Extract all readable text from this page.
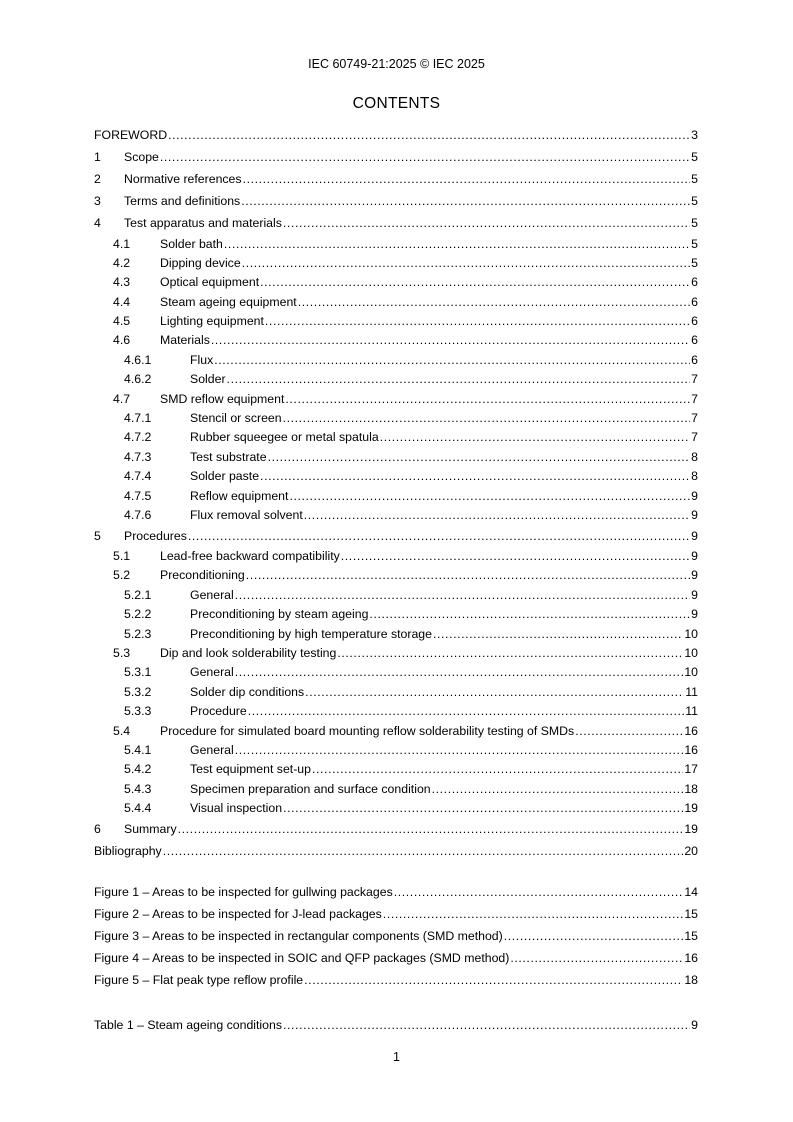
IEC 60749-21:2025 © IEC 2025
CONTENTS
FOREWORD .....	3
1	Scope .....	5
2	Normative references .....	5
3	Terms and definitions .....	5
4	Test apparatus and materials .....	5
4.1	Solder bath .....	5
4.2	Dipping device .....	5
4.3	Optical equipment .....	6
4.4	Steam ageing equipment .....	6
4.5	Lighting equipment .....	6
4.6	Materials .....	6
4.6.1	Flux .....	6
4.6.2	Solder .....	7
4.7	SMD reflow equipment .....	7
4.7.1	Stencil or screen .....	7
4.7.2	Rubber squeegee or metal spatula .....	7
4.7.3	Test substrate .....	8
4.7.4	Solder paste .....	8
4.7.5	Reflow equipment .....	9
4.7.6	Flux removal solvent .....	9
5	Procedures .....	9
5.1	Lead-free backward compatibility .....	9
5.2	Preconditioning .....	9
5.2.1	General .....	9
5.2.2	Preconditioning by steam ageing .....	9
5.2.3	Preconditioning by high temperature storage .....	10
5.3	Dip and look solderability testing .....	10
5.3.1	General .....	10
5.3.2	Solder dip conditions .....	11
5.3.3	Procedure .....	11
5.4	Procedure for simulated board mounting reflow solderability testing of SMDs .....	16
5.4.1	General .....	16
5.4.2	Test equipment set-up .....	17
5.4.3	Specimen preparation and surface condition .....	18
5.4.4	Visual inspection .....	19
6	Summary .....	19
Bibliography .....	20
Figure 1 – Areas to be inspected for gullwing packages .....	14
Figure 2 – Areas to be inspected for J-lead packages .....	15
Figure 3 – Areas to be inspected in rectangular components (SMD method) .....	15
Figure 4 – Areas to be inspected in SOIC and QFP packages (SMD method) .....	16
Figure 5 – Flat peak type reflow profile .....	18
Table 1 – Steam ageing conditions .....	9
1
